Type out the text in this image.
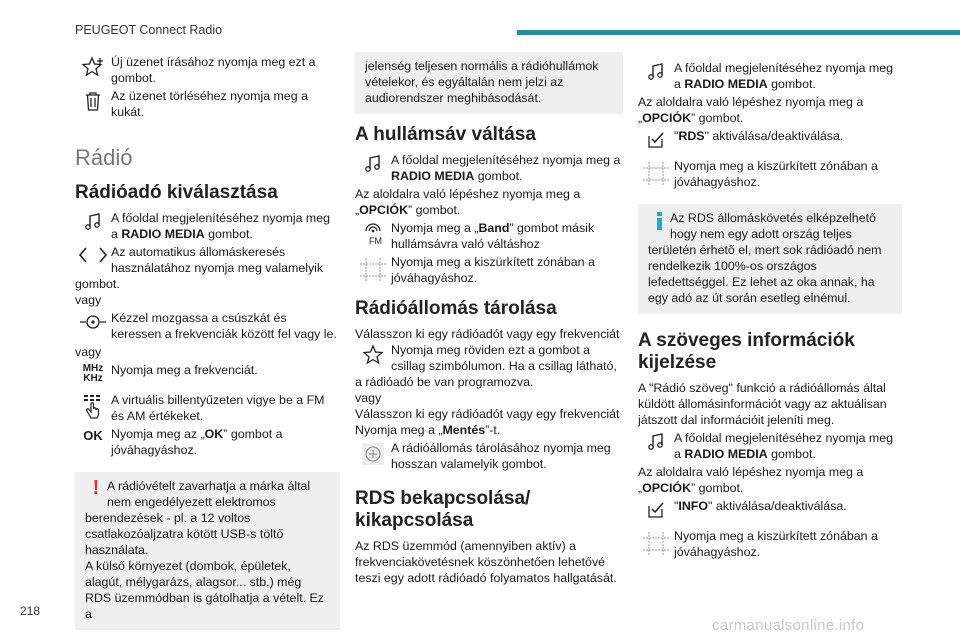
PEUGEOT Connect Radio
Új üzenet írásához nyomja meg ezt a gombot.
Az üzenet törléséhez nyomja meg a kukát.
Rádió
Rádióadó kiválasztása
A főoldal megjelenítéséhez nyomja meg a RADIO MEDIA gombot.

Az automatikus állomáskeresés használatához nyomja meg valamelyik gombot.

vagy

Kézzel mozgassa a csúszkát és keressen a frekvenciák között fel vagy le.

vagy

MHz
KHz
Nyomja meg a frekvenciát.
A virtuális billentyűzeten vigye be a FM és AM értékeket.
OK Nyomja meg az „OK” gombot a jóváhagyáshoz.
! A rádióvételt zavarhatja a márka által nem engedélyezett elektromos berendezések - pl. a 12 voltos csatlakozóaljzatra kötött USB-s töltő használata.

A külső környezet (dombok, épületek, alagút, mélygarázs, alagsor... stb.) még RDS üzemmódban is gátolhatja a vételt. Ez a

jelenség teljesen normális a rádióhullámok vételekor, és egyáltalán nem jelzi az audiorendszer meghibásodását.

A hullámsáv váltása
A főoldal megjelenítéséhez nyomja meg a RADIO MEDIA gombot.

Az aloldalra való lépéshez nyomja meg a „OPCIÓK” gombot.

FM
Nyomja meg a „Band” gombot másik hullámsávra való váltáshoz
Nyomja meg a kiszürkített zónában a jóváhagyáshoz.
Rádióállomás tárolása

Válasszon ki egy rádióadót vagy egy frekvenciát

Nyomja meg röviden ezt a gombot a csillag szimbólumon. Ha a csillag látható, a rádióadó be van programozva.

vagy

Válasszon ki egy rádióadót vagy egy frekvenciát

Nyomja meg a „Mentés”-t.

A rádióállomás tárolásához nyomja meg hosszan valamelyik gombot.
RDS bekapcsolása/ kikapcsolása

Az RDS üzemmód (amennyiben aktív) a frekvenciakövetésnek köszönhetően lehetővé teszi egy adott rádióadó folyamatos hallgatását.

A főoldal megjelenítéséhez nyomja meg a RADIO MEDIA gombot.

Az aloldalra való lépéshez nyomja meg a „OPCIÓK” gombot.

"RDS" aktiválása/deaktiválása.
Nyomja meg a kiszürkített zónában a jóváhagyáshoz.

Az RDS állomáskövetés elképzelhető hogy nem egy adott ország teljes területén érhető el, mert sok rádióadó nem rendelkezik 100%-os országos lefedettséggel. Ez lehet az oka annak, ha egy adó az út során esetleg elnémul.

A szöveges információk kijelzése

A "Rádió szöveg" funkció a rádióállomás által küldött állomásinformációt vagy az aktuálisan játszott dal információit jeleníti meg.

A főoldal megjelenítéséhez nyomja meg a RADIO MEDIA gombot.

Az aloldalra való lépéshez nyomja meg a „OPCIÓK” gombot.

"INFO" aktiválása/deaktiválása.
Nyomja meg a kiszürkített zónában a jóváhagyáshoz.
218
carmanualsonline.info
